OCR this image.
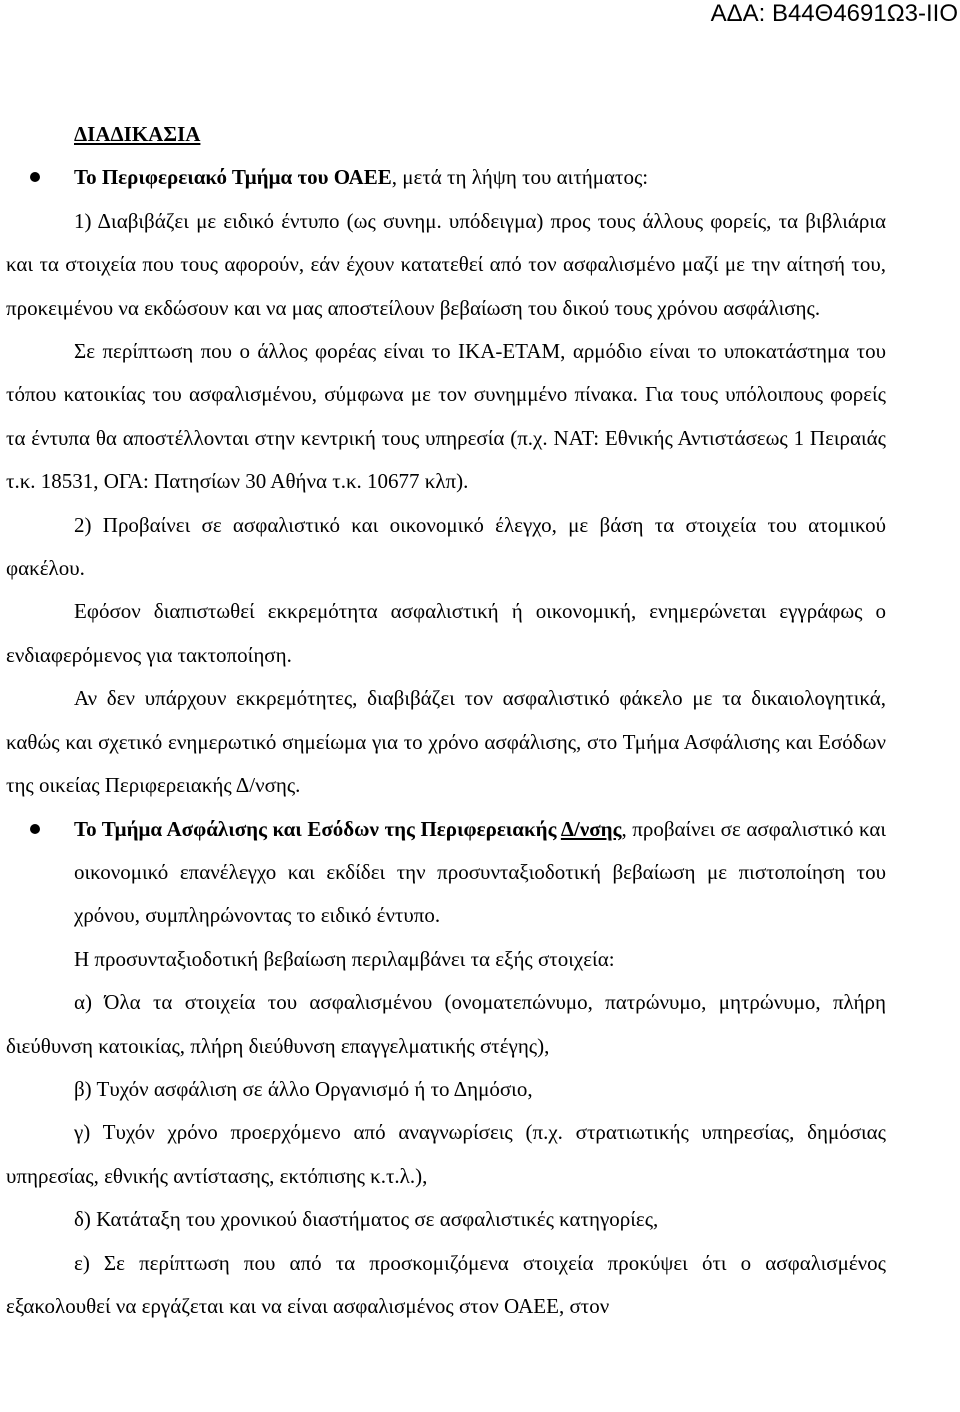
ΑΔΑ: Β44Θ4691Ω3-ΙΙΟ

ΔΙΑΔΙΚΑΣΙΑ

Το Περιφερειακό Τμήμα του ΟΑΕΕ, μετά τη λήψη του αιτήματος:

1) Διαβιβάζει με ειδικό έντυπο (ως συνημ. υπόδειγμα) προς τους άλλους φορείς, τα βιβλιάρια και τα στοιχεία που τους αφορούν, εάν έχουν κατατεθεί από τον ασφαλισμένο μαζί με την αίτησή του, προκειμένου να εκδώσουν και να μας αποστείλουν βεβαίωση του δικού τους χρόνου ασφάλισης.

Σε περίπτωση που ο άλλος φορέας είναι το ΙΚΑ-ΕΤΑΜ, αρμόδιο είναι το υποκατάστημα του τόπου κατοικίας του ασφαλισμένου, σύμφωνα με τον συνημμένο πίνακα. Για τους υπόλοιπους φορείς τα έντυπα θα αποστέλλονται στην κεντρική τους υπηρεσία (π.χ. ΝΑΤ: Εθνικής Αντιστάσεως 1 Πειραιάς τ.κ. 18531, ΟΓΑ: Πατησίων 30 Αθήνα τ.κ. 10677 κλπ).

2) Προβαίνει σε ασφαλιστικό και οικονομικό έλεγχο, με βάση τα στοιχεία του ατομικού φακέλου.

Εφόσον διαπιστωθεί εκκρεμότητα ασφαλιστική ή οικονομική, ενημερώνεται εγγράφως ο ενδιαφερόμενος για τακτοποίηση.

Αν δεν υπάρχουν εκκρεμότητες, διαβιβάζει τον ασφαλιστικό φάκελο με τα δικαιολογητικά, καθώς και σχετικό ενημερωτικό σημείωμα για το χρόνο ασφάλισης, στο Τμήμα Ασφάλισης και Εσόδων της οικείας Περιφερειακής Δ/νσης.

Το Τμήμα Ασφάλισης και Εσόδων της Περιφερειακής Δ/νσης, προβαίνει σε ασφαλιστικό και οικονομικό επανέλεγχο και εκδίδει την προσυνταξιοδοτική βεβαίωση με πιστοποίηση του χρόνου, συμπληρώνοντας το ειδικό έντυπο.

Η προσυνταξιοδοτική βεβαίωση περιλαμβάνει τα εξής στοιχεία:

α) Όλα τα στοιχεία του ασφαλισμένου (ονοματεπώνυμο, πατρώνυμο, μητρώνυμο, πλήρη διεύθυνση κατοικίας, πλήρη διεύθυνση επαγγελματικής στέγης),

β) Τυχόν ασφάλιση σε άλλο Οργανισμό ή το Δημόσιο,

γ) Τυχόν χρόνο προερχόμενο από αναγνωρίσεις (π.χ. στρατιωτικής υπηρεσίας, δημόσιας υπηρεσίας, εθνικής αντίστασης, εκτόπισης κ.τ.λ.),

δ) Κατάταξη του χρονικού διαστήματος σε ασφαλιστικές κατηγορίες,

ε) Σε περίπτωση που από τα προσκομιζόμενα στοιχεία προκύψει ότι ο ασφαλισμένος εξακολουθεί να εργάζεται και να είναι ασφαλισμένος στον ΟΑΕΕ, στον
